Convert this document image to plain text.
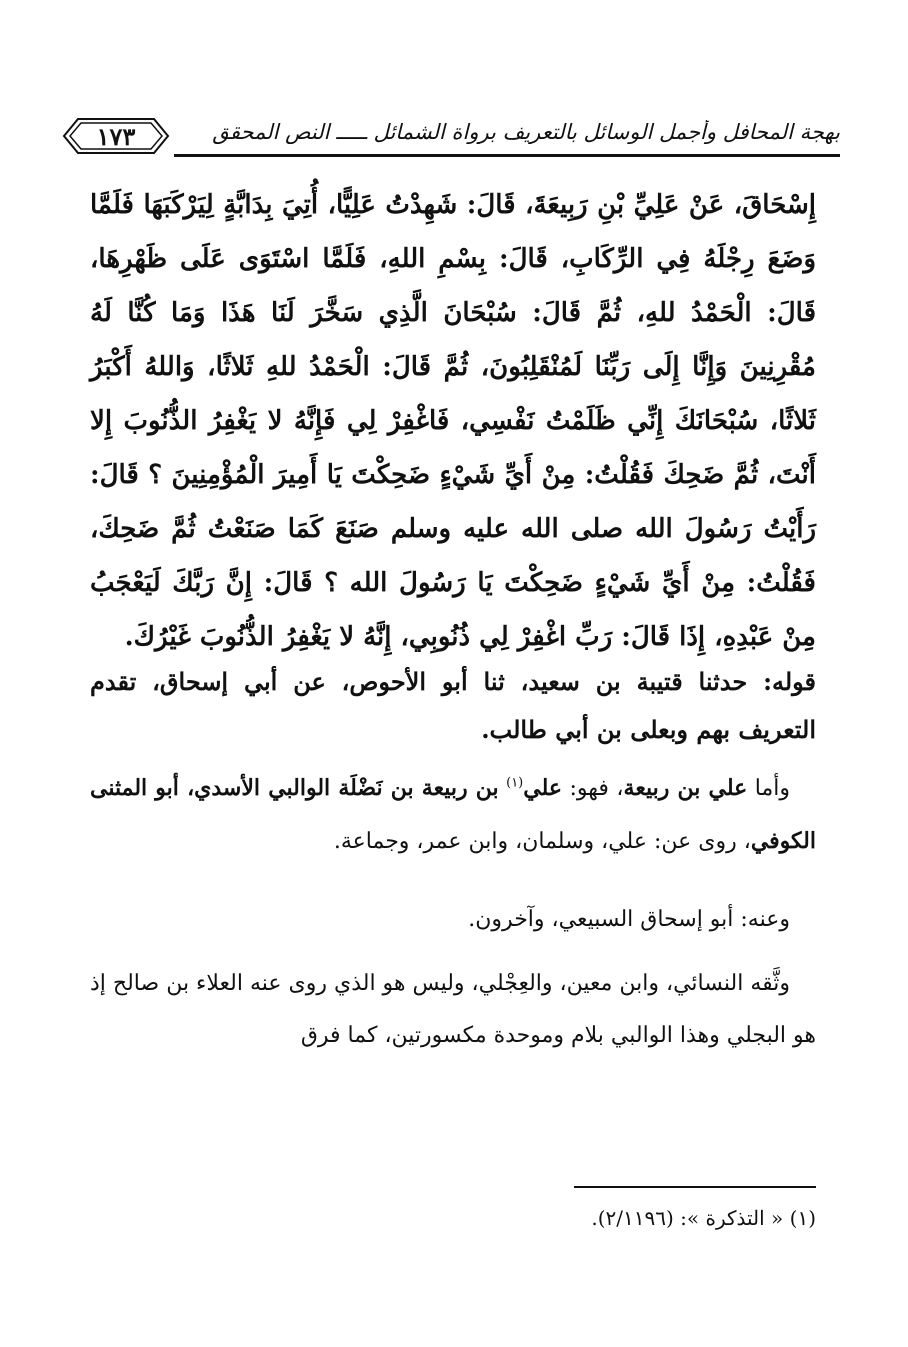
بهجة المحافل وأجمل الوسائل بالتعريف برواة الشمائل ـــــ النص المحقق
١٧٣
إِسْحَاقَ، عَنْ عَلِيِّ بْنِ رَبِيعَةَ، قَالَ: شَهِدْتُ عَلِيًّا، أُتِيَ بِدَابَّةٍ لِيَرْكَبَهَا فَلَمَّا وَضَعَ رِجْلَهُ فِي الرِّكَابِ، قَالَ: بِسْمِ اللهِ، فَلَمَّا اسْتَوَى عَلَى ظَهْرِهَا، قَالَ: الْحَمْدُ للهِ، ثُمَّ قَالَ: سُبْحَانَ الَّذِي سَخَّرَ لَنَا هَذَا وَمَا كُنَّا لَهُ مُقْرِنِينَ وَإِنَّا إِلَى رَبِّنَا لَمُنْقَلِبُونَ، ثُمَّ قَالَ: الْحَمْدُ للهِ ثَلاثًا، وَاللهُ أَكْبَرُ ثَلاثًا، سُبْحَانَكَ إِنِّي ظَلَمْتُ نَفْسِي، فَاغْفِرْ لِي فَإِنَّهُ لا يَغْفِرُ الذُّنُوبَ إِلا أَنْتَ، ثُمَّ ضَحِكَ فَقُلْتُ: مِنْ أَيِّ شَيْءٍ ضَحِكْتَ يَا أَمِيرَ الْمُؤْمِنِينَ ؟ قَالَ: رَأَيْتُ رَسُولَ الله صلى الله عليه وسلم صَنَعَ كَمَا صَنَعْتُ ثُمَّ ضَحِكَ، فَقُلْتُ: مِنْ أَيِّ شَيْءٍ ضَحِكْتَ يَا رَسُولَ الله ؟ قَالَ: إِنَّ رَبَّكَ لَيَعْجَبُ مِنْ عَبْدِهِ، إِذَا قَالَ: رَبِّ اغْفِرْ لِي ذُنُوبِي، إِنَّهُ لا يَغْفِرُ الذُّنُوبَ غَيْرُكَ.
قوله: حدثنا قتيبة بن سعيد، ثنا أبو الأحوص، عن أبي إسحاق، تقدم التعريف بهم وبعلى بن أبي طالب.
وأما علي بن ربيعة، فهو: علي$^{(١)}$ بن ربيعة بن نَضْلَة الوالبي الأسدي، أبو المثنى الكوفي، روى عن: علي، وسلمان، وابن عمر، وجماعة.
وعنه: أبو إسحاق السبيعي، وآخرون.
وثَّقه النسائي، وابن معين، والعِجْلي، وليس هو الذي روى عنه العلاء بن صالح إذ هو البجلي وهذا الوالبي بلام وموحدة مكسورتين، كما فرق
(١) « التذكرة »: (٢/١١٩٦).
